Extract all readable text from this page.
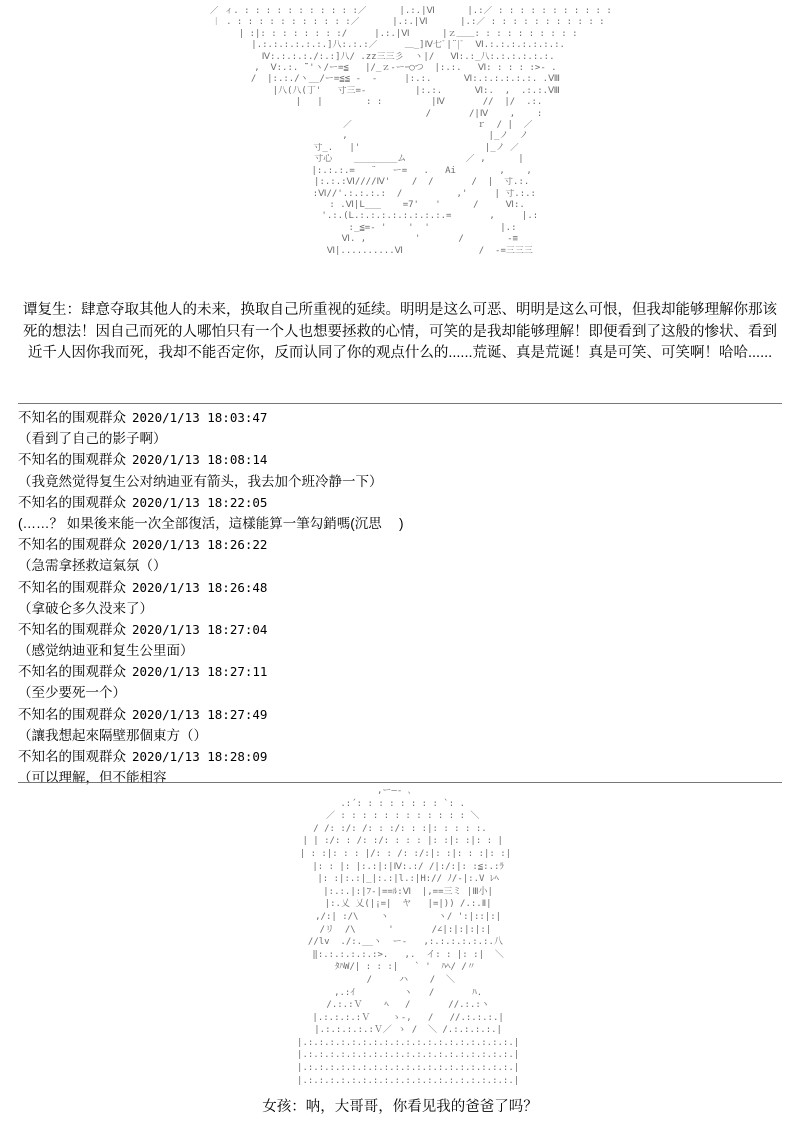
／ ィ. : : : : : : : : : : :／      |.:.|Ⅵ      |.:／ : : : : : : : : : : :
｜ . : : : : : : : : : : :／      |.:.|Ⅵ      |.:／ : : : : : : : : : : :
| :|: : : : : : : :/     |.:.|Ⅵ      |ｚ＿＿: : : : : : : : : :
|.:.:.:.:.:.:.]八:.:.:／     ＿_]Ⅳ七ﾞ|¨|ﾞ  Ⅵ.:.:.:.:.:.:.:.
Ⅳ:.:.:.:./:.:]八/ .zz三三彡  ヽ|/   Ⅵ:.:_八:.:.:.:.:.:.
,  Ⅴ:.:. ̄¨'ヽ/ー=≦   |/_ｚ-ーｰ◯つ  |:.:.   Ⅵ: : : : :>- .
/  |:.:./ヽ__/ー=≦≦ -  -     |:.:.      Ⅵ:.:.:.:.:.:. .Ⅷ
|八(八(丁'   寸三=-         |:.:.      Ⅵ:.  ,  .:.:.Ⅷ
|   |        : :         |Ⅳ       //  |/  .:.
/       /|Ⅳ    ,    :
／                       ｒ  / |  ／
,                          |_ノ  ノ
寸_.   |'                       |_ノ ／
寸心    ________ム           ／ ,      |
|:.:.:.=   ¨   ー=   .   Ai        ,    ,
|:.:.:Ⅵ////Ⅳ'    /  /       /  |  寸.:.
:Ⅵ//'.:.:.:.:  /          ,'     | 寸.:.:
: .Ⅵ|L___    =7'   '      /     Ⅵ:.
'.:.(L.:.:.:.:.:.:.:.:.=       ,     |.:
:_≦=- '    '  '             |.:
Ⅵ. ,         '       /        -≡
Ⅵ|..........Ⅵ              /  -=三三三
谭复生：肆意夺取其他人的未来，换取自己所重视的延续。明明是这么可恶、明明是这么可恨，但我却能够理解你那该死的想法！因自己而死的人哪怕只有一个人也想要拯救的心情，可笑的是我却能够理解！即便看到了这般的惨状、看到近千人因你我而死，我却不能否定你，反而认同了你的观点什么的......荒诞、真是荒诞！真是可笑、可笑啊！哈哈......
不知名的围观群众 2020/1/13 18:03:47
（看到了自己的影子啊）
不知名的围观群众 2020/1/13 18:08:14
（我竟然觉得复生公对纳迪亚有箭头，我去加个班冷静一下）
不知名的围观群众 2020/1/13 18:22:05
(……？ 如果後来能一次全部復活，這樣能算一筆勾銷嗎(沉思　 )
不知名的围观群众 2020/1/13 18:26:22
（急需拿拯救這氣氛（）
不知名的围观群众 2020/1/13 18:26:48
（拿破仑多久没来了）
不知名的围观群众 2020/1/13 18:27:04
（感觉纳迪亚和复生公里面）
不知名的围观群众 2020/1/13 18:27:11
（至少要死一个）
不知名的围观群众 2020/1/13 18:27:49
（讓我想起來隔壁那個東方（）
不知名的围观群众 2020/1/13 18:28:09
（可以理解，但不能相容
,ー―‐ ､
.:´: : : : : : : : `: .
／ : : : : : : : : : : : : ＼
/ /: :/: /: : :/: : :|: : : : :.
| | :/: : /: :/: : : : |: :|: :|: : |
| : :|: : : |/: : /: :/:|: :|: : :|: :|
|: : |: |:.:|:|Ⅳ:.:/ /|:/:|: :≦:.:ﾗ
|: :|:.:|_|:.:|l.:|H:// ﾉ/-|:.V ﾚﾍ
|:.:.|:|ﾌ-|==ﾙ:Ⅵ  |,==三ミ |Ⅲ小|
|:.乂 乂(|¡=|  ヤ   |=|)) /.:.Ⅱ|
,/:| :/\    ヽ         ヽ/ ':|::|:|
/リ  /\      '       /∠|:|:|:|:|
//lv  ./:.__ヽ  ー-   ,:.:.:.:.:.:.八
‖:.:.:.:.:.:>.   ,.  イ: : |: :|  ＼
ﾀﾊW/| : : :|   ` '  ﾊﾍ/ /〃
/     ハ    /  ＼
,.:ｲ         ヽ   /       ﾊ.
/.:.:Ｖ    ﾍ   /       //.:.:ヽ
|.:.:.:.:Ｖ    ゝ-,   /   //.:.:.:.|
|.:.:.:.:.:Ｖ／ ゝ /  ＼ /.:.:.:.:.|
|.:.:.:.:.:.:.:.:.:.:.:.:.:.:.:.:.:.:.:.|
|.:.:.:.:.:.:.:.:.:.:.:.:.:.:.:.:.:.:.:.|
|.:.:.:.:.:.:.:.:.:.:.:.:.:.:.:.:.:.:.:.|
|.:.:.:.:.:.:.:.:.:.:.:.:.:.:.:.:.:.:.:.|
女孩：呐，大哥哥，你看见我的爸爸了吗？
